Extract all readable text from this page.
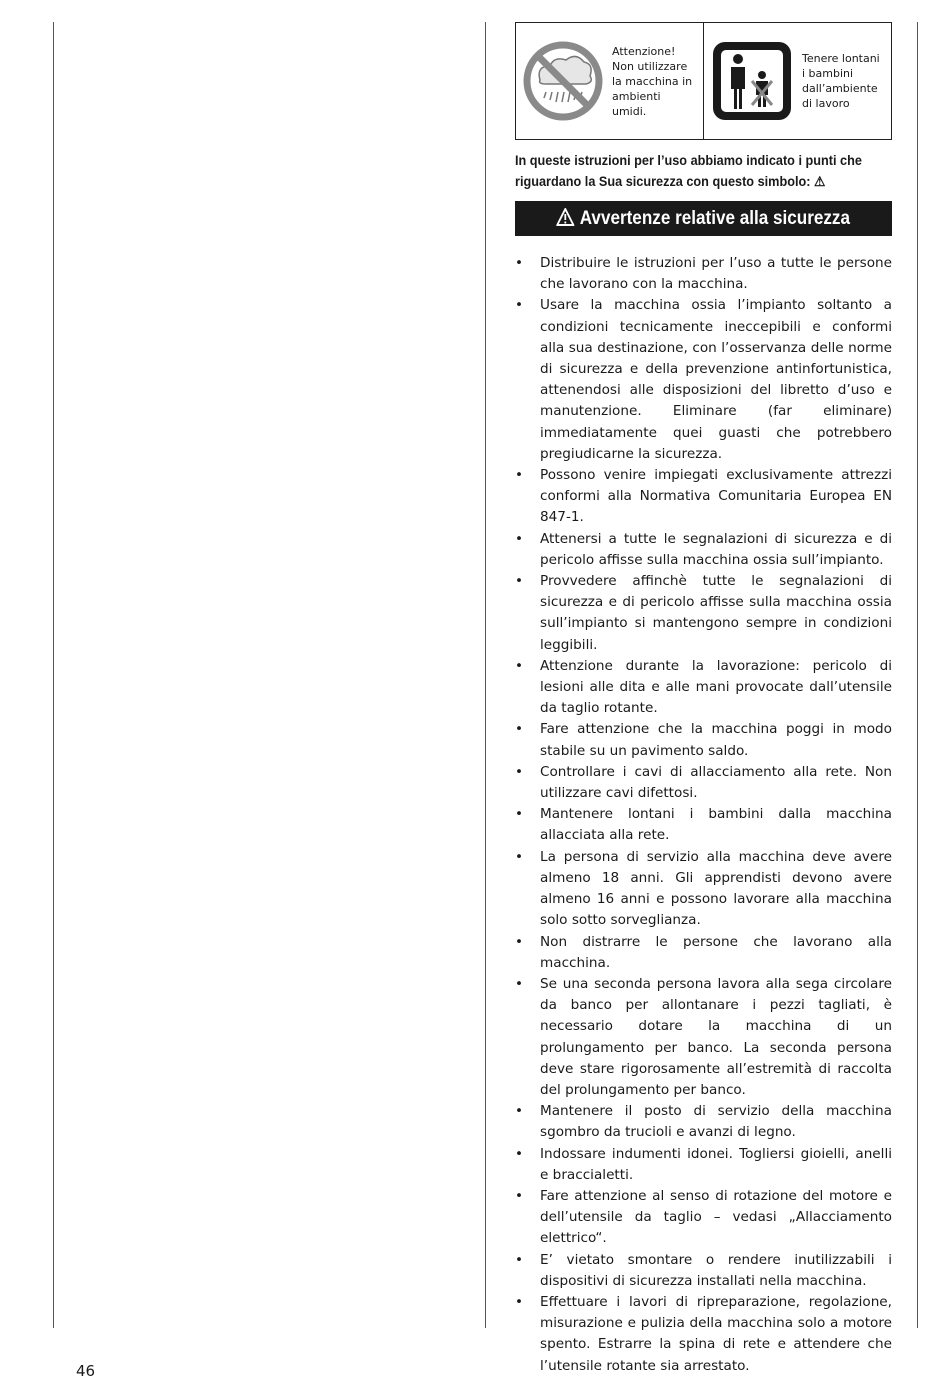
Attenzione! Non utilizzare la macchina in ambienti umidi.
Tenere lontani i bambini dall’ambiente di lavoro
In queste istruzioni per l’uso abbiamo indicato i punti che riguardano la Sua sicurezza con questo simbolo: ⚠
Avvertenze relative alla sicurezza
• Distribuire le istruzioni per l’uso a tutte le persone che lavorano con la macchina.
• Usare la macchina ossia l’impianto soltanto a condizioni tecnicamente ineccepibili e conformi alla sua destinazione, con l’osservanza delle norme di sicurezza e della prevenzione antinfortunistica, attenendosi alle disposizioni del libretto d’uso e manutenzione. Eliminare (far eliminare) immediatamente quei guasti che potrebbero pregiudicarne la sicurezza.
• Possono venire impiegati exclusivamente attrezzi conformi alla Normativa Comunitaria Europea EN 847-1.
• Attenersi a tutte le segnalazioni di sicurezza e di pericolo affisse sulla macchina ossia sull’impianto.
• Provvedere affinchè tutte le segnalazioni di sicurezza e di pericolo affisse sulla macchina ossia sull’impianto si mantengono sempre in condizioni leggibili.
• Attenzione durante la lavorazione: pericolo di lesioni alle dita e alle mani provocate dall’utensile da taglio rotante.
• Fare attenzione che la macchina poggi in modo stabile su un pavimento saldo.
• Controllare i cavi di allacciamento alla rete. Non utilizzare cavi difettosi.
• Mantenere lontani i bambini dalla macchina allacciata alla rete.
• La persona di servizio alla macchina deve avere almeno 18 anni. Gli apprendisti devono avere almeno 16 anni e possono lavorare alla macchina solo sotto sorveglianza.
• Non distrarre le persone che lavorano alla macchina.
• Se una seconda persona lavora alla sega circolare da banco per allontanare i pezzi tagliati, è necessario dotare la macchina di un prolungamento per banco. La seconda persona deve stare rigorosamente all’estremità di raccolta del prolungamento per banco.
• Mantenere il posto di servizio della macchina sgombro da trucioli e avanzi di legno.
• Indossare indumenti idonei. Togliersi gioielli, anelli e braccialetti.
• Fare attenzione al senso di rotazione del motore e dell’utensile da taglio – vedasi „Allacciamento elettrico“.
• E’ vietato smontare o rendere inutilizzabili i dispositivi di sicurezza installati nella macchina.
• Effettuare i lavori di ripreparazione, regolazione, misurazione e pulizia della macchina solo a motore spento. Estrarre la spina di rete e attendere che l’utensile rotante sia arrestato.
46
